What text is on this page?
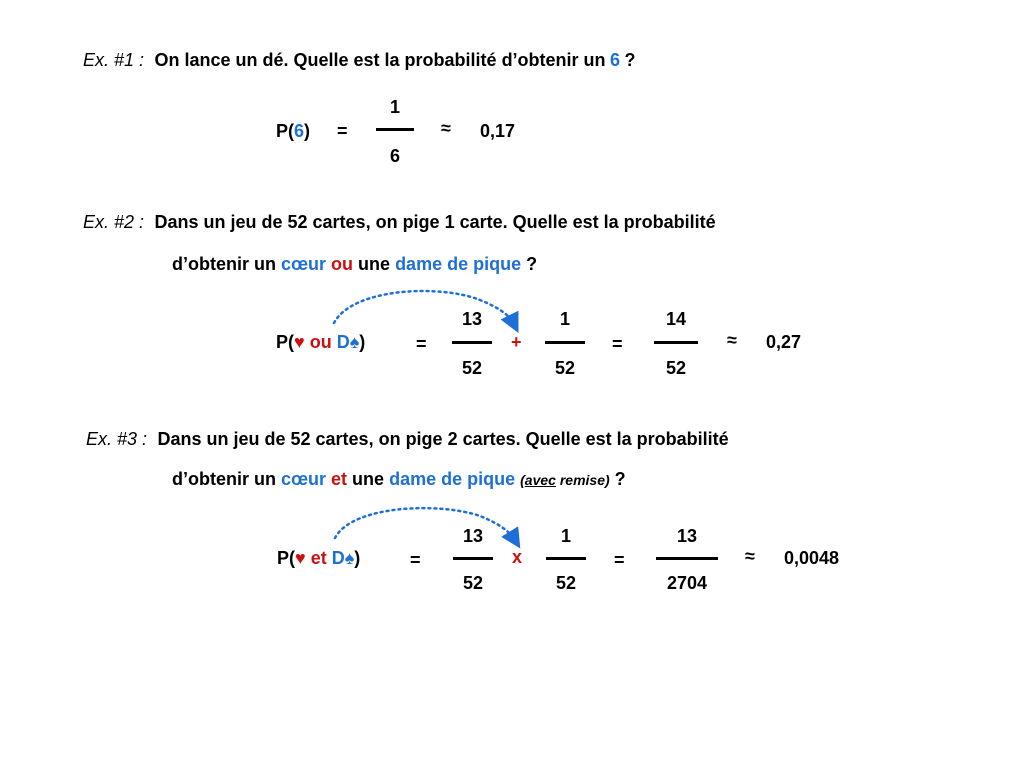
Ex. #1 : On lance un dé. Quelle est la probabilité d’obtenir un 6 ?
P(6) =
1
6
≈ 0,17
Ex. #2 : Dans un jeu de 52 cartes, on pige 1 carte. Quelle est la probabilité
d’obtenir un cœur ou une dame de pique ?
P(♥ ou D♠)	=
13
52
+
1
52
=
14
52
≈ 0,27
Ex. #3 : Dans un jeu de 52 cartes, on pige 2 cartes. Quelle est la probabilité
d’obtenir un cœur et une dame de pique (avec remise) ?
P(♥ et D♠)	=
13
52
x
1
52
=
13
2704
≈ 0,0048
